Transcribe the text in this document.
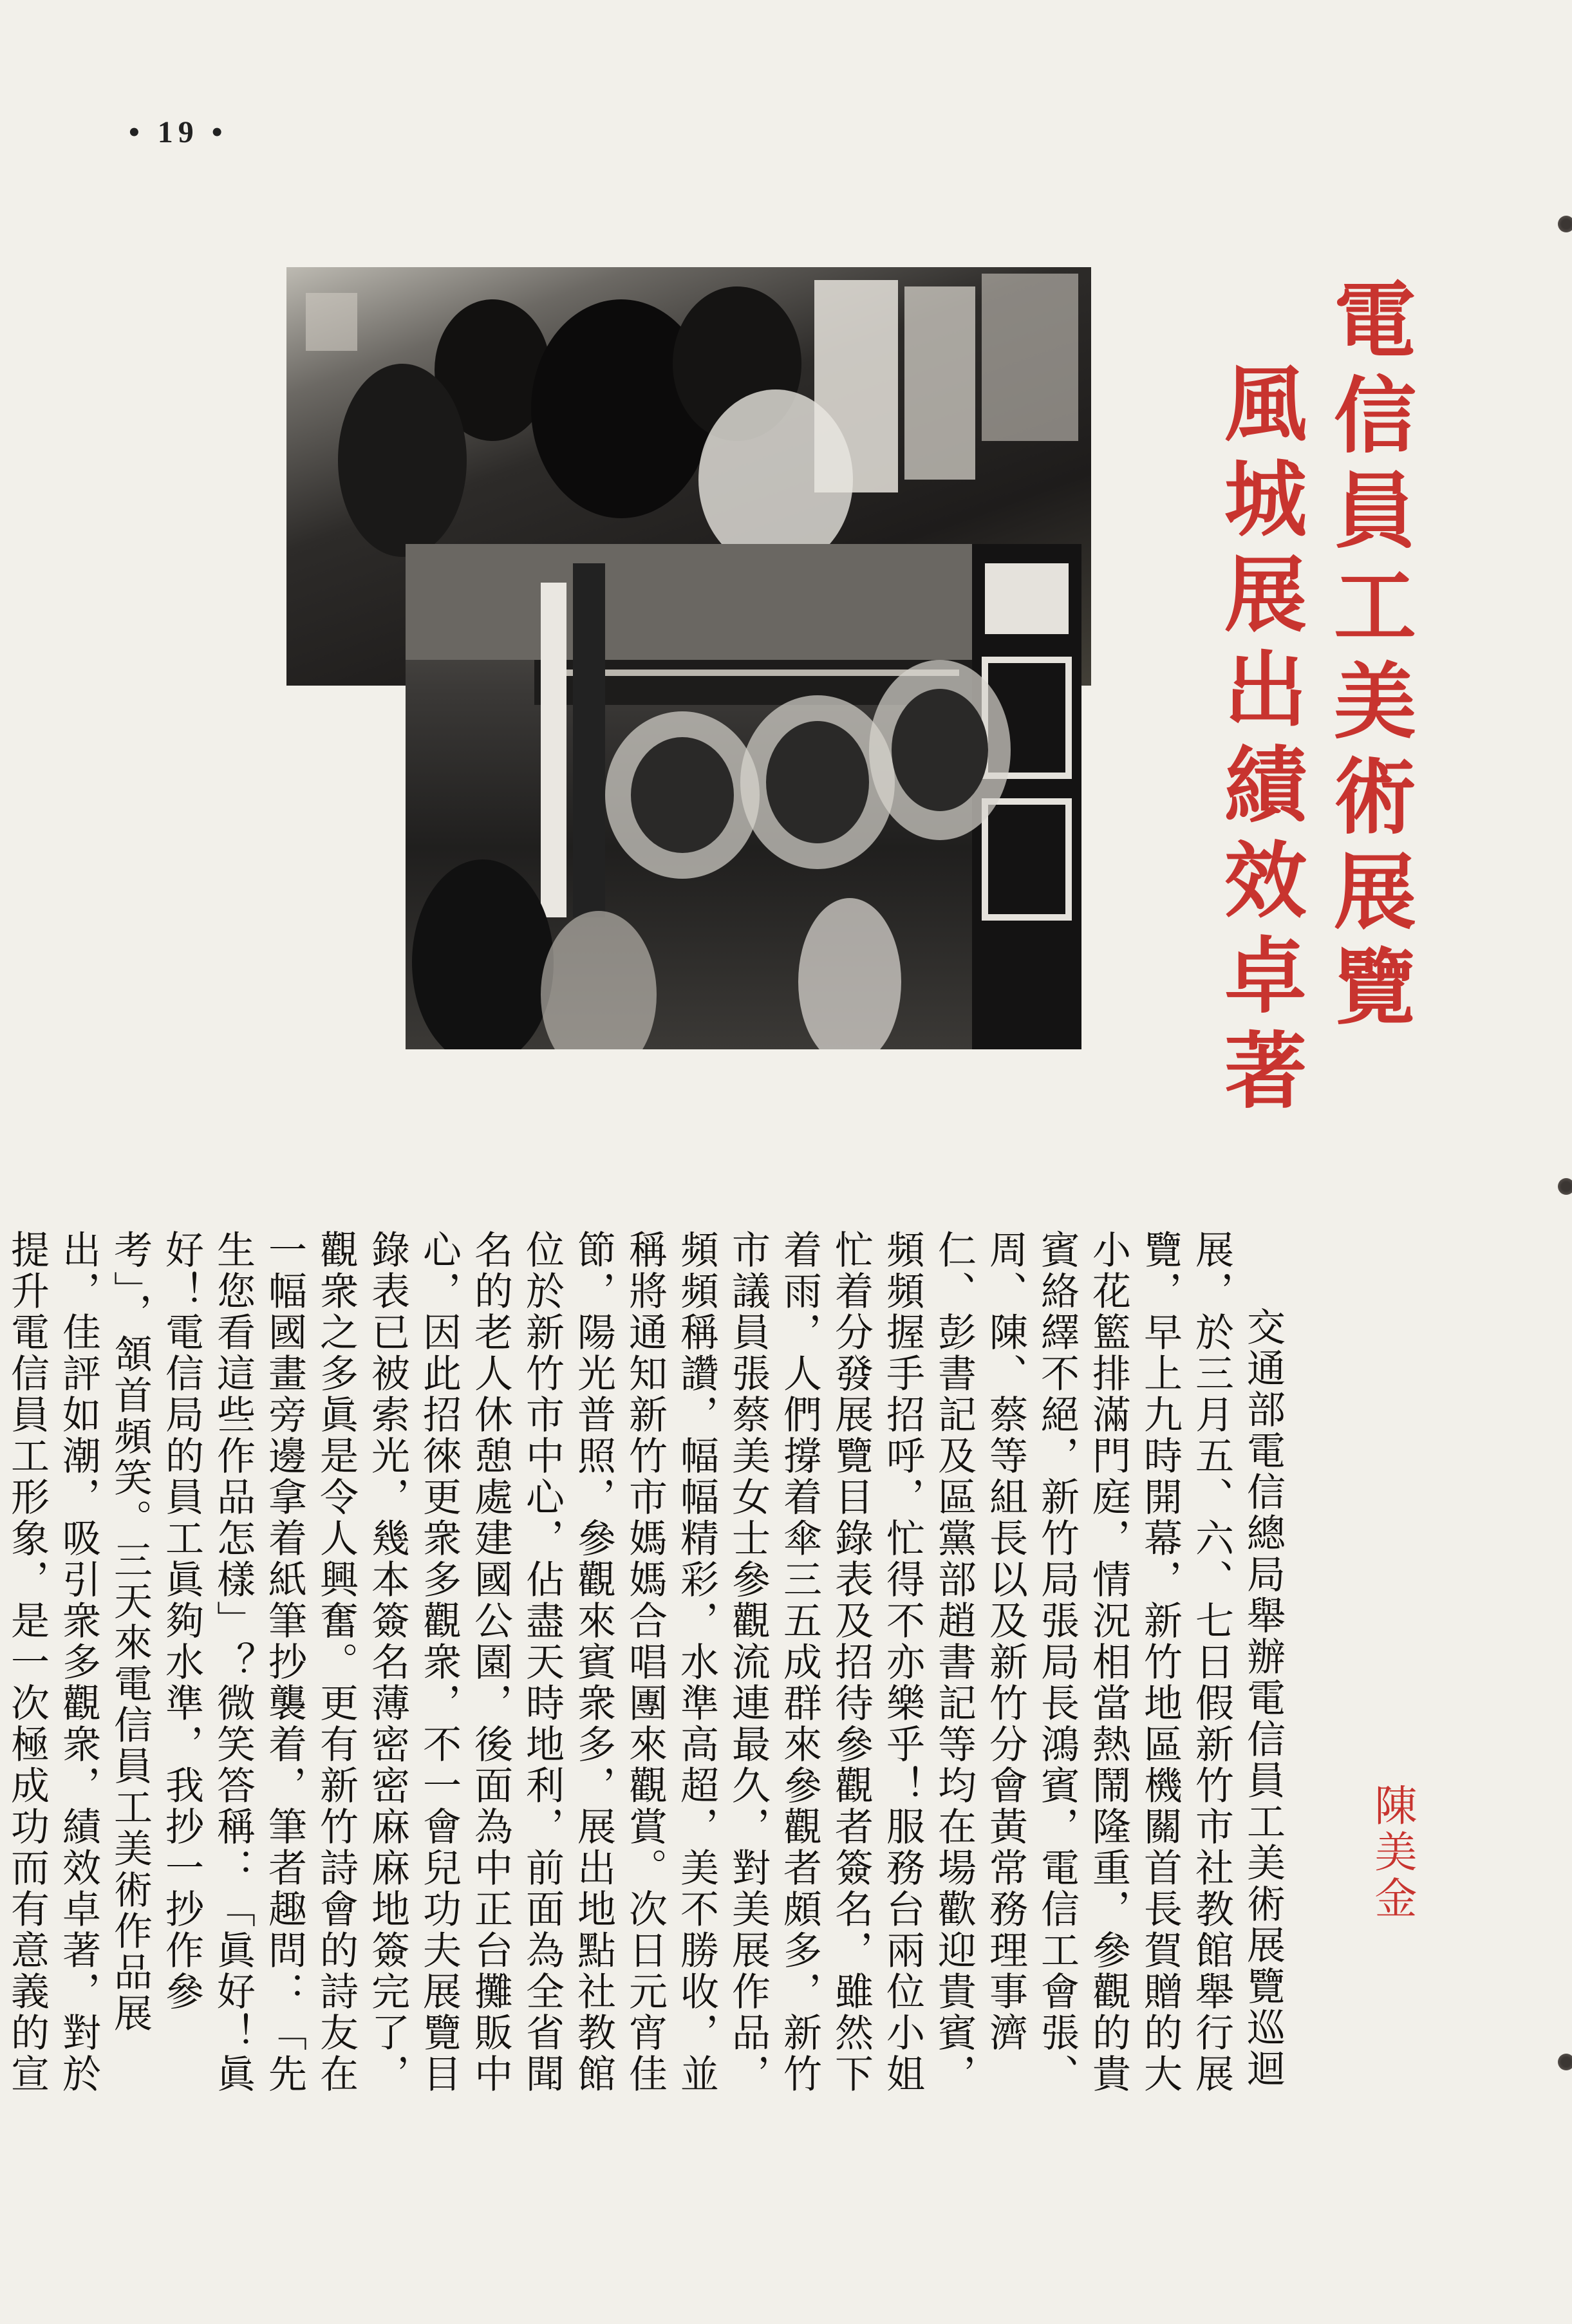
• 19 •
電信員工美術展覽
風城展出績效卓著
陳美金
交通部電信總局舉辦電信員工美術展覽巡迴展，於三月五、六、七日假新竹市社教館舉行展覽，早上九時開幕，新竹地區機關首長賀贈的大小花籃排滿門庭，情況相當熱鬧隆重，參觀的貴賓絡繹不絕，新竹局張局長鴻賓，電信工會張、周、陳、蔡等組長以及新竹分會黃常務理事濟仁、彭書記及區黨部趙書記等均在場歡迎貴賓，頻頻握手招呼，忙得不亦樂乎！服務台兩位小姐忙着分發展覽目錄表及招待參觀者簽名，雖然下着雨，人們撐着傘三五成群來參觀者頗多，新竹市議員張蔡美女士參觀流連最久，對美展作品，頻頻稱讚，幅幅精彩，水準高超，美不勝收，並稱將通知新竹市媽媽合唱團來觀賞。次日元宵佳節，陽光普照，參觀來賓衆多，展出地點社教館位於新竹市中心，佔盡天時地利，前面為全省聞名的老人休憩處建國公園，後面為中正台攤販中心，因此招徠更衆多觀衆，不一會兒功夫展覽目錄表已被索光，幾本簽名薄密密麻麻地簽完了，觀衆之多眞是令人興奮。更有新竹詩會的詩友在一幅國畫旁邊拿着紙筆抄襲着，筆者趣問：「先生您看這些作品怎樣」？微笑答稱：「眞好！眞好！電信局的員工眞夠水準，我抄一抄作參考」，頷首頻笑。三天來電信員工美術作品展出，佳評如潮，吸引衆多觀衆，績效卓著，對於提升電信員工形象，是一次極成功而有意義的宣
